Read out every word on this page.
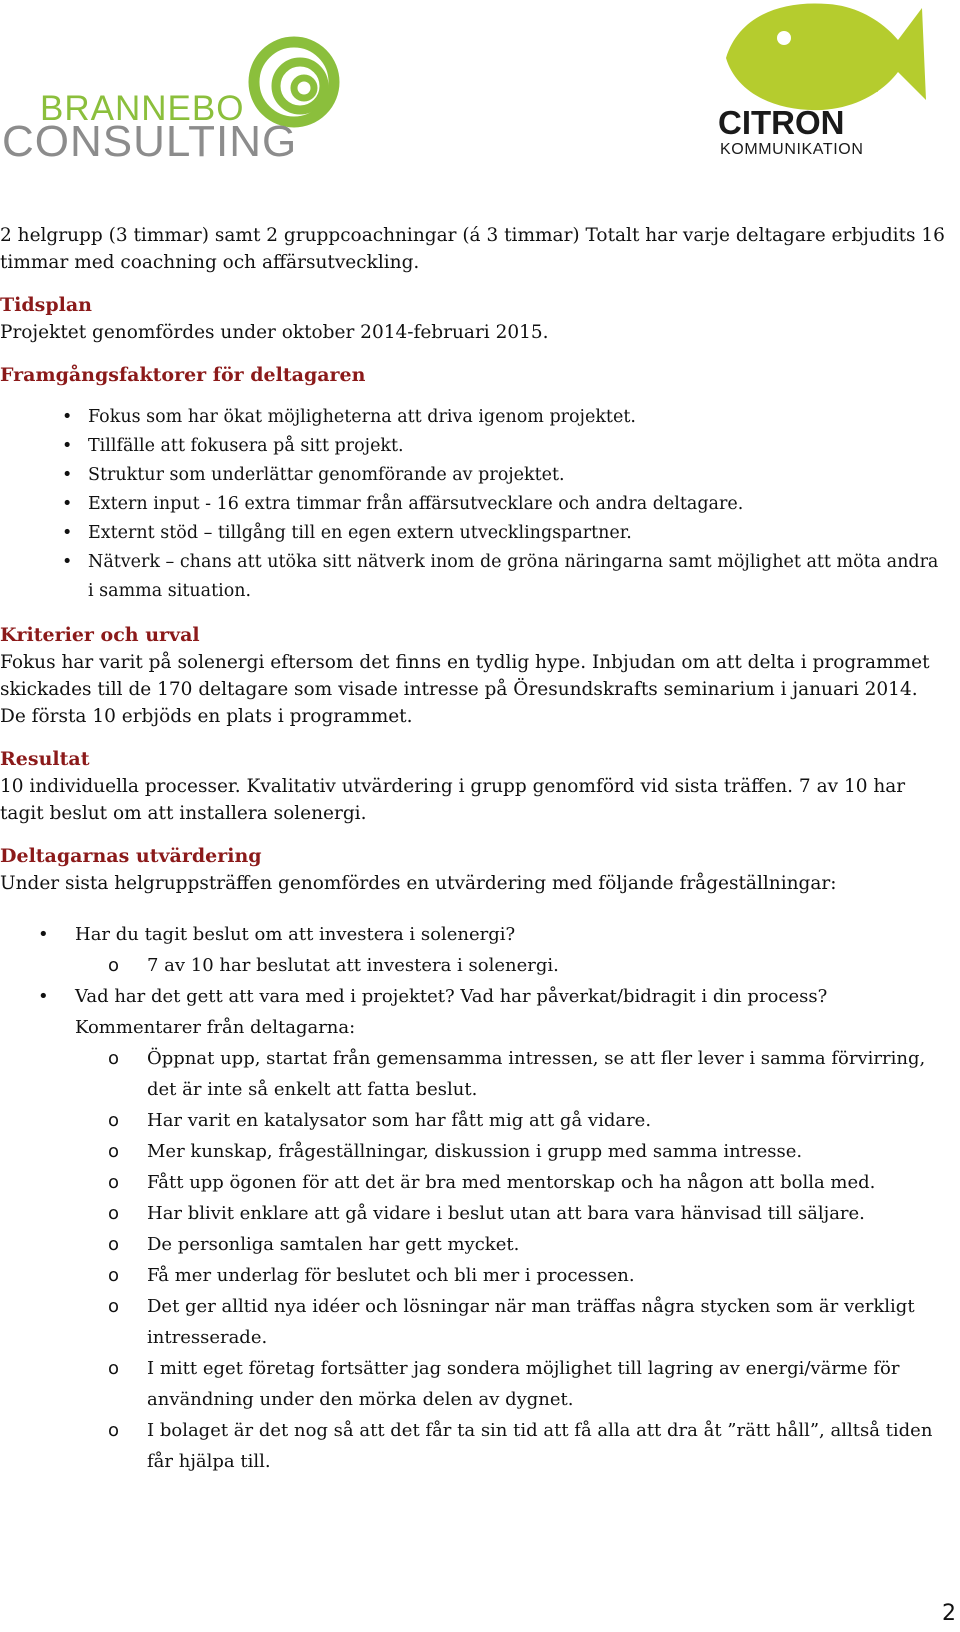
BRANNEBO
CONSULTING	CITRON
KOMMUNIKATION

2 helgrupp (3 timmar) samt 2 gruppcoachningar (á 3 timmar) Totalt har varje deltagare erbjudits 16 timmar med coachning och affärsutveckling.

Tidsplan

Projektet genomfördes under oktober 2014-februari 2015.

Framgångsfaktorer för deltagaren

• Fokus som har ökat möjligheterna att driva igenom projektet.
• Tillfälle att fokusera på sitt projekt.
• Struktur som underlättar genomförande av projektet.
• Extern input - 16 extra timmar från affärsutvecklare och andra deltagare.
• Externt stöd – tillgång till en egen extern utvecklingspartner.
• Nätverk – chans att utöka sitt nätverk inom de gröna näringarna samt möjlighet att möta andra i samma situation.

Kriterier och urval

Fokus har varit på solenergi eftersom det finns en tydlig hype. Inbjudan om att delta i programmet skickades till de 170 deltagare som visade intresse på Öresundskrafts seminarium i januari 2014. De första 10 erbjöds en plats i programmet.

Resultat

10 individuella processer. Kvalitativ utvärdering i grupp genomförd vid sista träffen. 7 av 10 har tagit beslut om att installera solenergi.

Deltagarnas utvärdering

Under sista helgruppsträffen genomfördes en utvärdering med följande frågeställningar:

• Har du tagit beslut om att investera i solenergi?
o 7 av 10 har beslutat att investera i solenergi.
• Vad har det gett att vara med i projektet? Vad har påverkat/bidragit i din process?
Kommentarer från deltagarna:
o Öppnat upp, startat från gemensamma intressen, se att fler lever i samma förvirring, det är inte så enkelt att fatta beslut.
o Har varit en katalysator som har fått mig att gå vidare.
o Mer kunskap, frågeställningar, diskussion i grupp med samma intresse.
o Fått upp ögonen för att det är bra med mentorskap och ha någon att bolla med.
o Har blivit enklare att gå vidare i beslut utan att bara vara hänvisad till säljare.
o De personliga samtalen har gett mycket.
o Få mer underlag för beslutet och bli mer i processen.
o Det ger alltid nya idéer och lösningar när man träffas några stycken som är verkligt intresserade.
o I mitt eget företag fortsätter jag sondera möjlighet till lagring av energi/värme för användning under den mörka delen av dygnet.
o I bolaget är det nog så att det får ta sin tid att få alla att dra åt ”rätt håll”, alltså tiden får hjälpa till.
2
